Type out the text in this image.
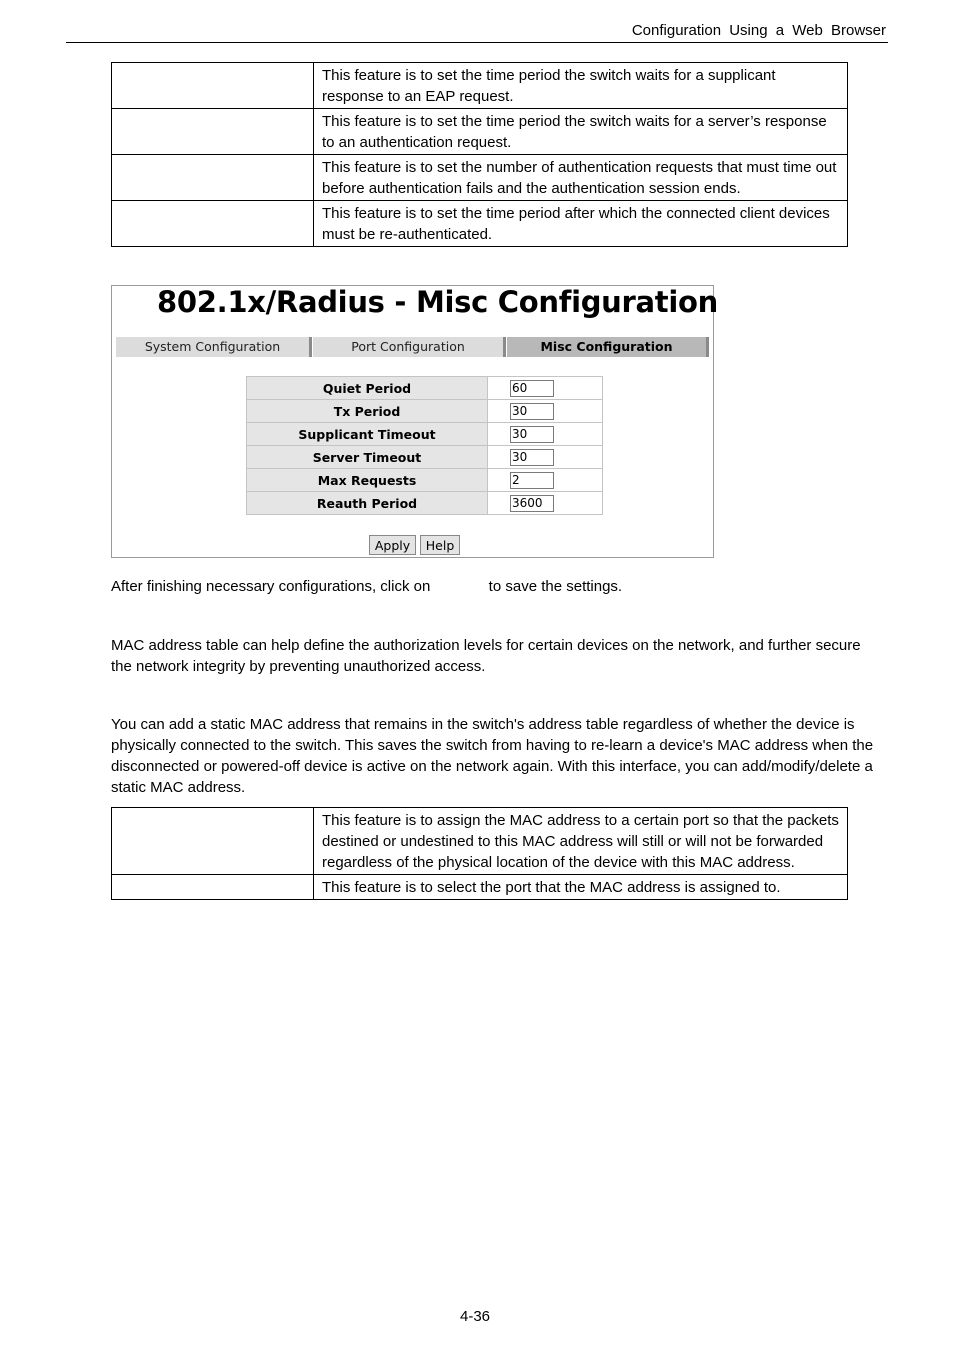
Configuration Using a Web Browser
	This feature is to set the time period the switch waits for a supplicant response to an EAP request.
	This feature is to set the time period the switch waits for a server’s response to an authentication request.
	This feature is to set the number of authentication requests that must time out before authentication fails and the authentication session ends.
	This feature is to set the time period after which the connected client devices must be re-authenticated.
802.1x/Radius - Misc Configuration
System Configuration	Port Configuration	Misc Configuration
Quiet Period	60
Tx Period	30
Supplicant Timeout	30
Server Timeout	30
Max Requests	2
Reauth Period	3600
Apply	Help
After finishing necessary configurations, click on	to save the settings.
MAC address table can help define the authorization levels for certain devices on the network, and further secure the network integrity by preventing unauthorized access.
You can add a static MAC address that remains in the switch's address table regardless of whether the device is physically connected to the switch. This saves the switch from having to re-learn a device's MAC address when the disconnected or powered-off device is active on the network again. With this interface, you can add/modify/delete a static MAC address.
	This feature is to assign the MAC address to a certain port so that the packets destined or undestined to this MAC address will still or will not be forwarded regardless of the physical location of the device with this MAC address.
	This feature is to select the port that the MAC address is assigned to.
4-36
